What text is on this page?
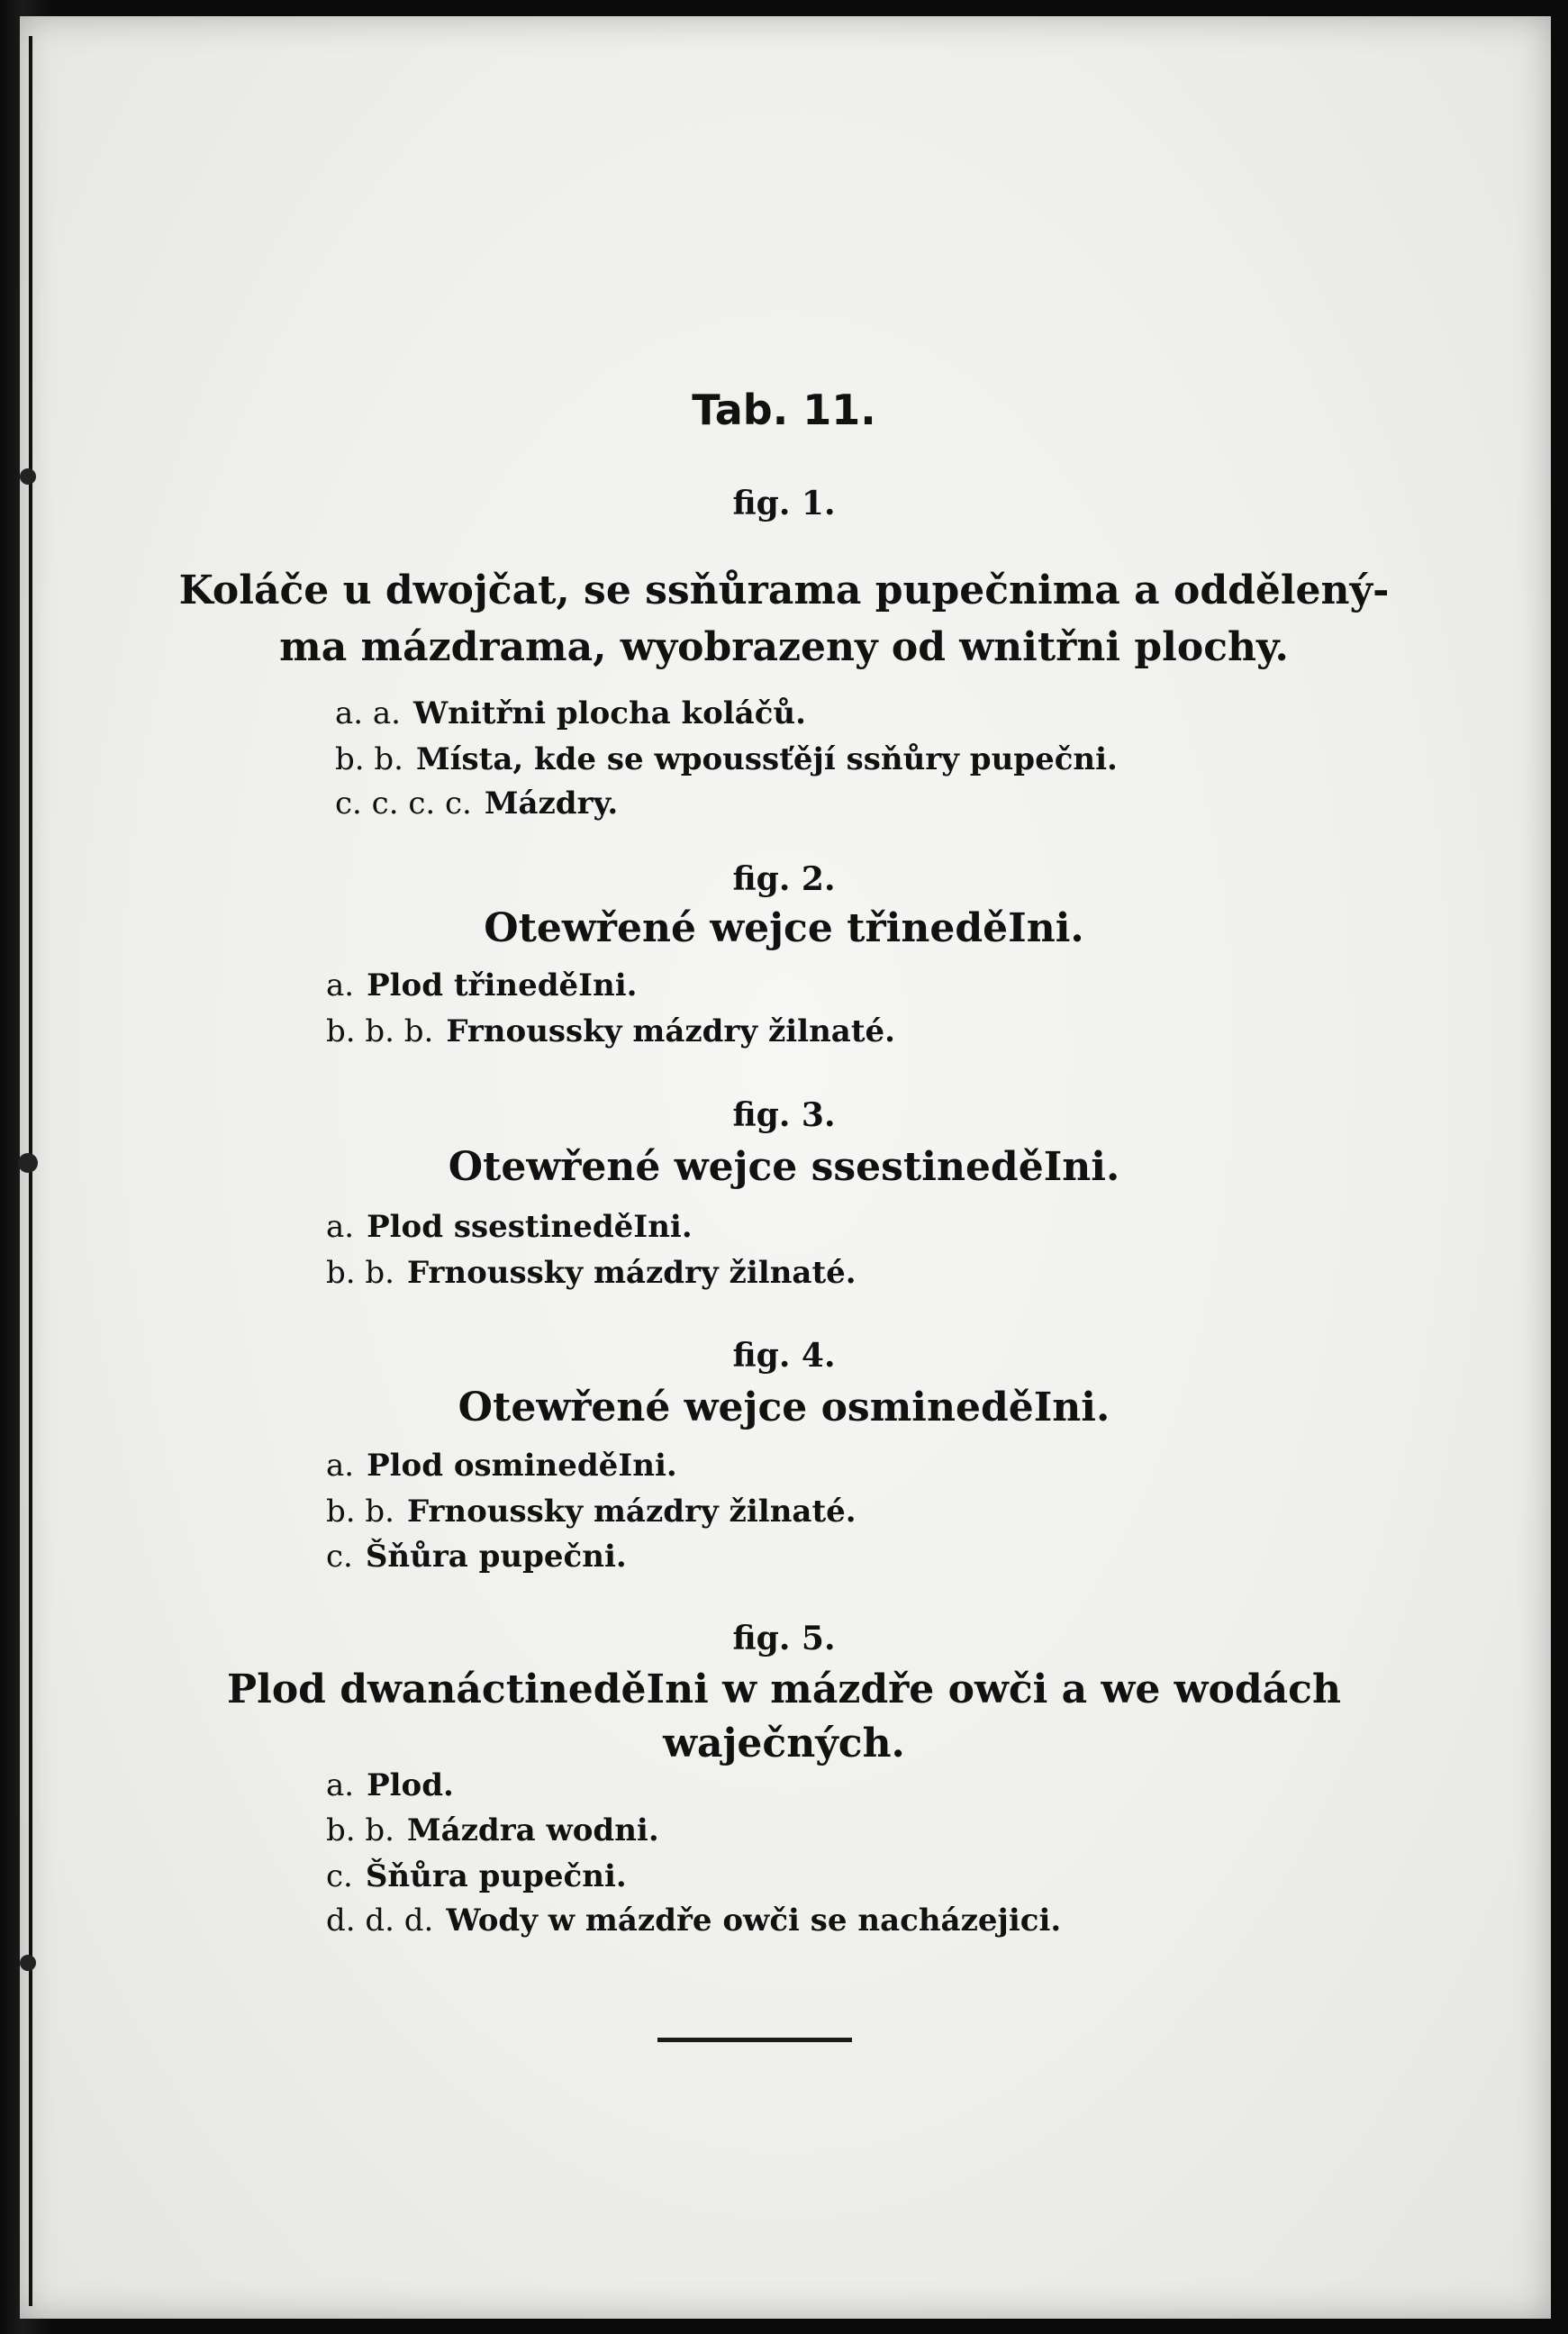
Tab. 11.
fig. 1.
Koláče u dwojčat, se ssňůrama pupečnima a oddělený-
ma mázdrama, wyobrazeny od wnitřni plochy.
a. a. Wnitřni plocha koláčů.
b. b. Místa, kde se wpoussťějí ssňůry pupečni.
c. c. c. c. Mázdry.
fig. 2.
Otewřené wejce třineděIni.
a. Plod třineděIni.
b. b. b. Frnoussky mázdry žilnaté.
fig. 3.
Otewřené wejce ssestineděIni.
a. Plod ssestineděIni.
b. b. Frnoussky mázdry žilnaté.
fig. 4.
Otewřené wejce osmineděIni.
a. Plod osmineděIni.
b. b. Frnoussky mázdry žilnaté.
c. Šňůra pupečni.
fig. 5.
Plod dwanáctineděIni w mázdře owči a we wodách
waječných.
a. Plod.
b. b. Mázdra wodni.
c. Šňůra pupečni.
d. d. d. Wody w mázdře owči se nacházejici.
